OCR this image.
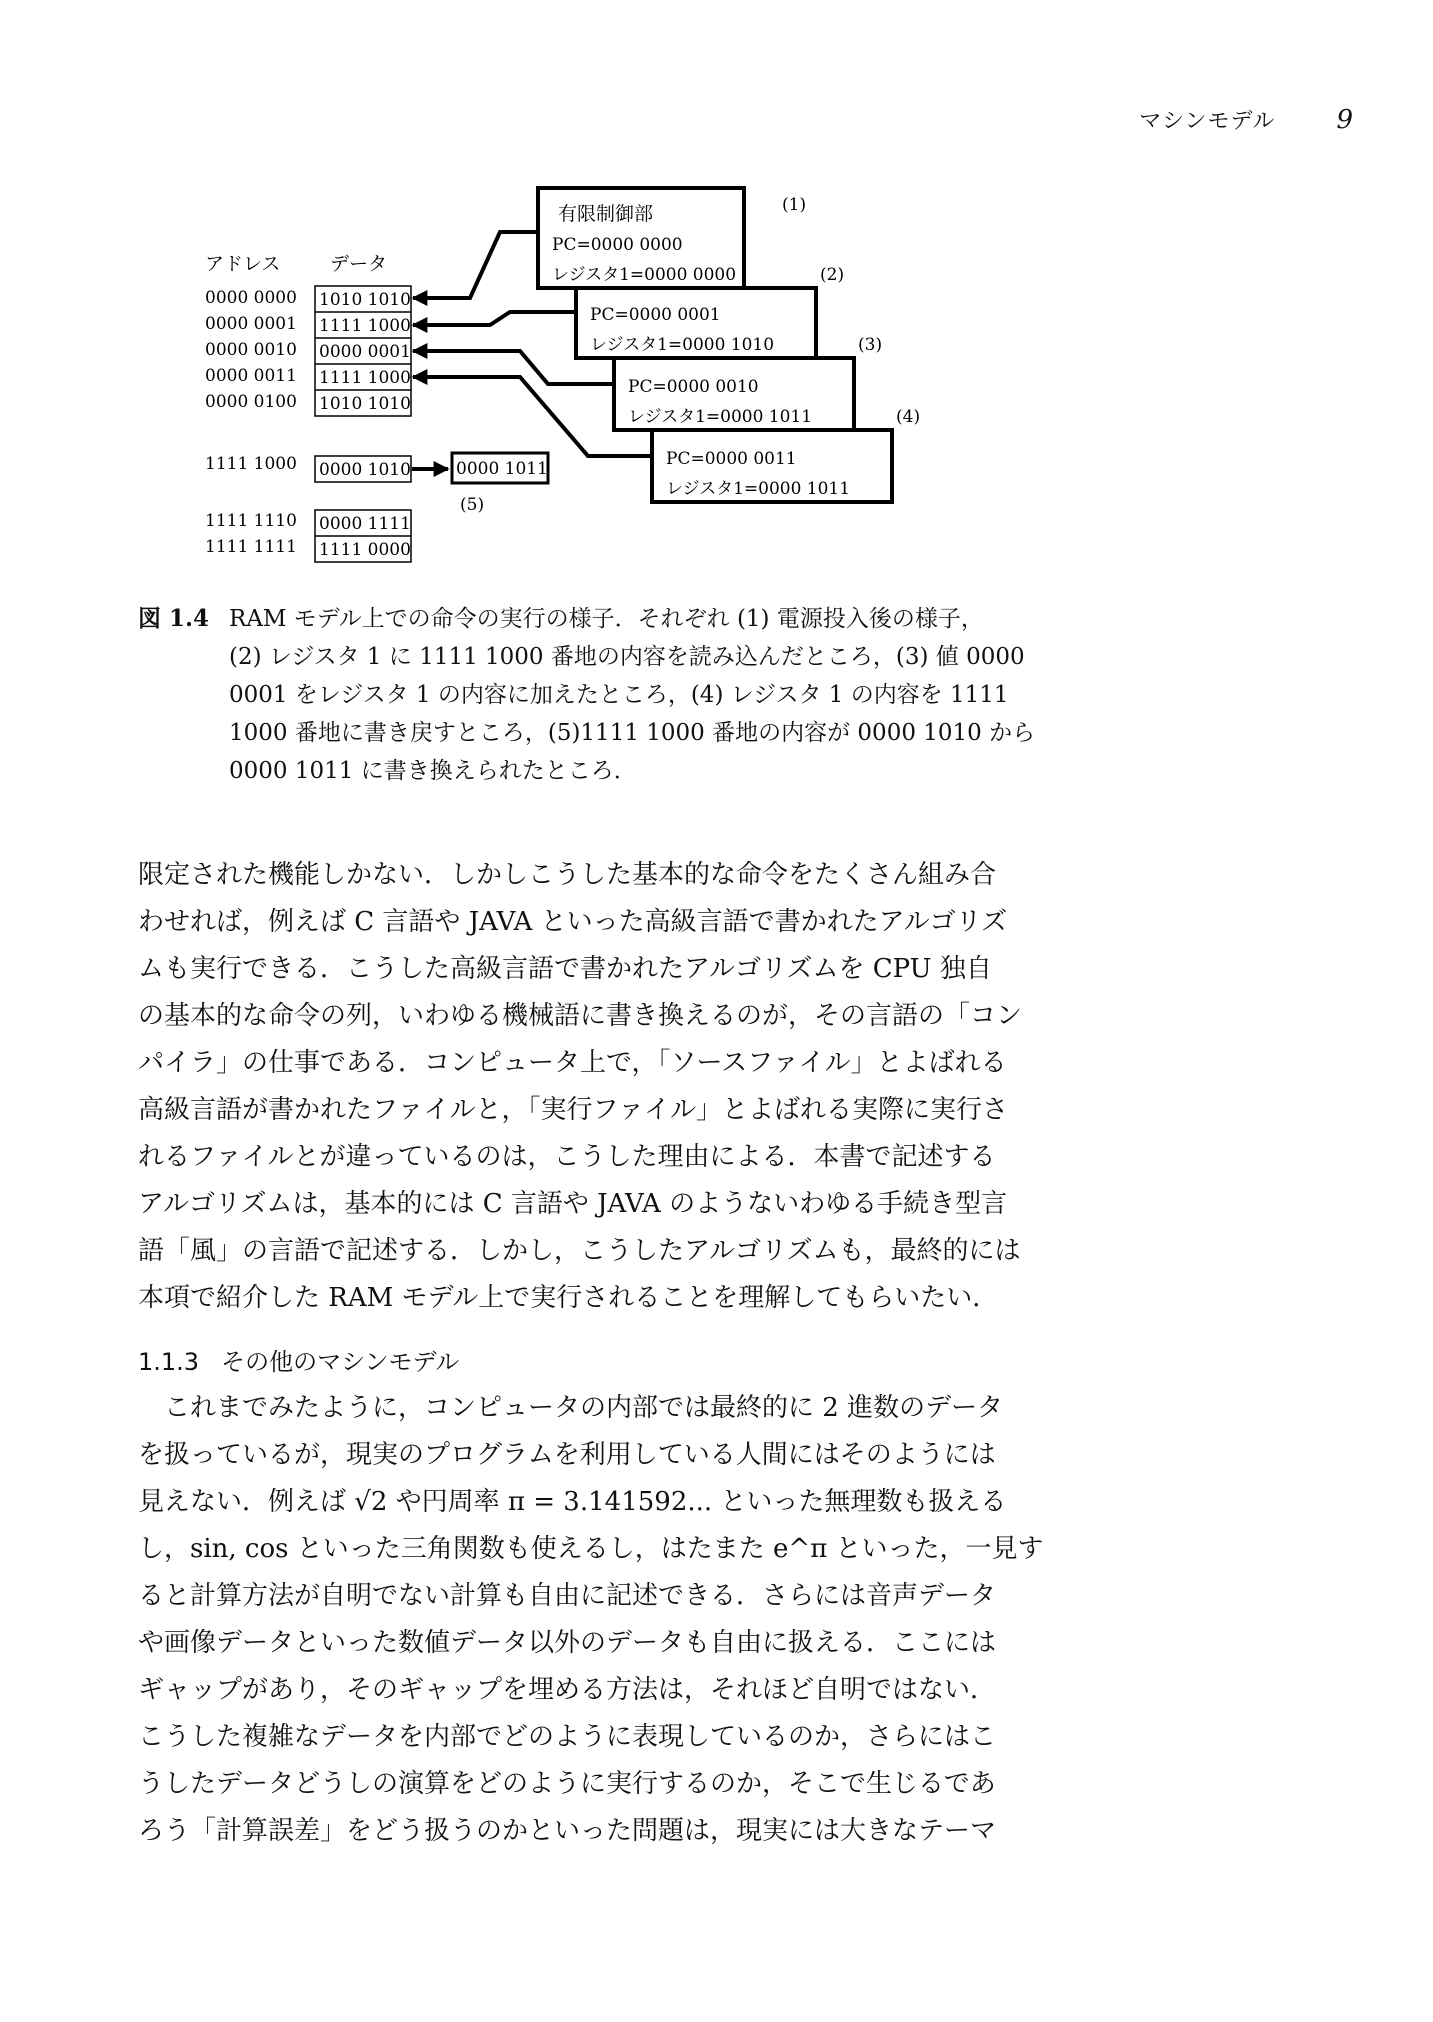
マシンモデル 9
アドレス	データ
0000 0000
0000 0001
0000 0010
0000 0011
0000 0100
1111 1000
1111 1110
1111 1111
1010 1010
1111 1000
0000 0001
1111 1000
1010 1010
0000 1010
0000 1111
1111 0000
有限制御部
PC=0000 0000
レジスタ1=0000 0000
(1)
PC=0000 0001
レジスタ1=0000 1010
(2)
PC=0000 0010
レジスタ1=0000 1011
(3)
PC=0000 0011
レジスタ1=0000 1011
(4)
0000 1011
(5)
図 1.4 RAM モデル上での命令の実行の様子．それぞれ (1) 電源投入後の様子，
(2) レジスタ 1 に 1111 1000 番地の内容を読み込んだところ，(3) 値 0000
0001 をレジスタ 1 の内容に加えたところ，(4) レジスタ 1 の内容を 1111
1000 番地に書き戻すところ，(5)1111 1000 番地の内容が 0000 1010 から
0000 1011 に書き換えられたところ．
限定された機能しかない．しかしこうした基本的な命令をたくさん組み合
わせれば，例えば C 言語や JAVA といった高級言語で書かれたアルゴリズ
ムも実行できる．こうした高級言語で書かれたアルゴリズムを CPU 独自
の基本的な命令の列，いわゆる機械語に書き換えるのが，その言語の「コン
パイラ」の仕事である．コンピュータ上で，「ソースファイル」とよばれる
高級言語が書かれたファイルと，「実行ファイル」とよばれる実際に実行さ
れるファイルとが違っているのは，こうした理由による．本書で記述する
アルゴリズムは，基本的には C 言語や JAVA のようないわゆる手続き型言
語「風」の言語で記述する．しかし，こうしたアルゴリズムも，最終的には
本項で紹介した RAM モデル上で実行されることを理解してもらいたい．
1.1.3 その他のマシンモデル
　これまでみたように，コンピュータの内部では最終的に 2 進数のデータ
を扱っているが，現実のプログラムを利用している人間にはそのようには
見えない．例えば √2 や円周率 π = 3.141592... といった無理数も扱える
し，sin, cos といった三角関数も使えるし，はたまた e^π といった，一見す
ると計算方法が自明でない計算も自由に記述できる．さらには音声データ
や画像データといった数値データ以外のデータも自由に扱える．ここには
ギャップがあり，そのギャップを埋める方法は，それほど自明ではない．
こうした複雑なデータを内部でどのように表現しているのか，さらにはこ
うしたデータどうしの演算をどのように実行するのか，そこで生じるであ
ろう「計算誤差」をどう扱うのかといった問題は，現実には大きなテーマ
